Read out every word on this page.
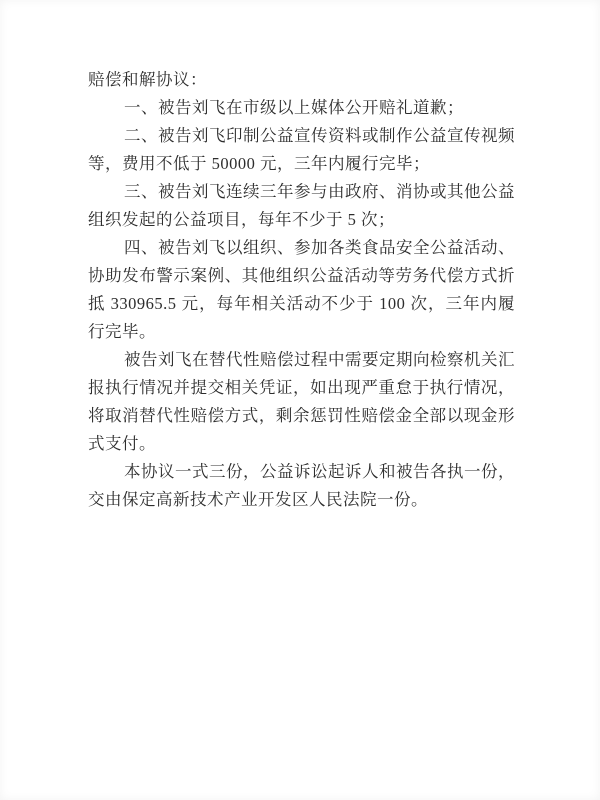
赔偿和解协议：

一、被告刘飞在市级以上媒体公开赔礼道歉；

二、被告刘飞印制公益宣传资料或制作公益宣传视频等，费用不低于 50000 元，三年内履行完毕；

三、被告刘飞连续三年参与由政府、消协或其他公益组织发起的公益项目，每年不少于 5 次；

四、被告刘飞以组织、参加各类食品安全公益活动、协助发布警示案例、其他组织公益活动等劳务代偿方式折抵 330965.5 元，每年相关活动不少于 100 次，三年内履行完毕。

被告刘飞在替代性赔偿过程中需要定期向检察机关汇报执行情况并提交相关凭证，如出现严重怠于执行情况，将取消替代性赔偿方式，剩余惩罚性赔偿金全部以现金形式支付。

本协议一式三份，公益诉讼起诉人和被告各执一份，交由保定高新技术产业开发区人民法院一份。
